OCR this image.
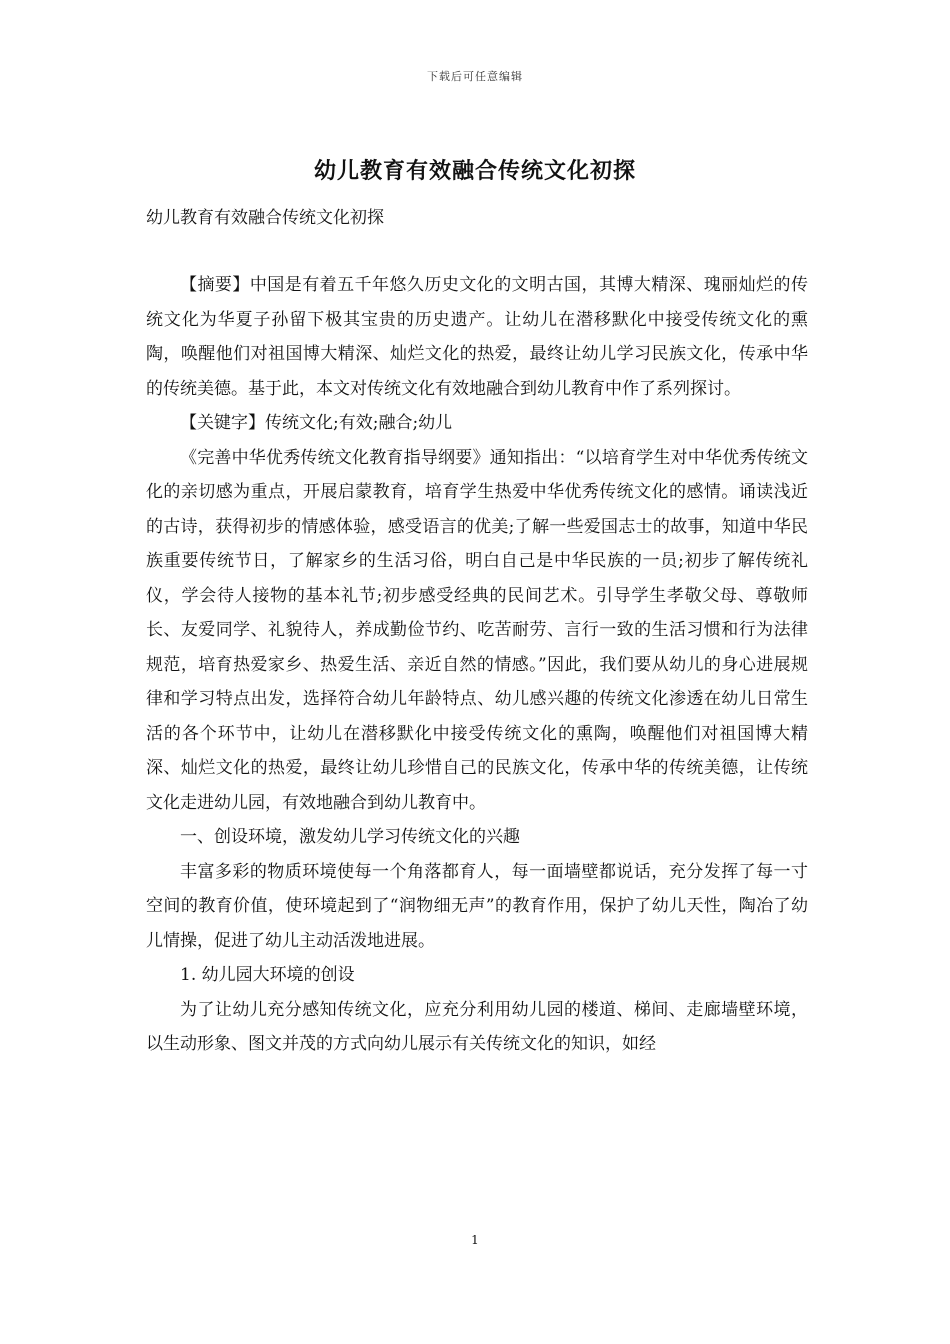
下载后可任意编辑
幼儿教育有效融合传统文化初探
幼儿教育有效融合传统文化初探

【摘要】中国是有着五千年悠久历史文化的文明古国，其博大精深、瑰丽灿烂的传统文化为华夏子孙留下极其宝贵的历史遗产。让幼儿在潜移默化中接受传统文化的熏陶，唤醒他们对祖国博大精深、灿烂文化的热爱，最终让幼儿学习民族文化，传承中华的传统美德。基于此，本文对传统文化有效地融合到幼儿教育中作了系列探讨。

【关键字】传统文化;有效;融合;幼儿

《完善中华优秀传统文化教育指导纲要》通知指出：“以培育学生对中华优秀传统文化的亲切感为重点，开展启蒙教育，培育学生热爱中华优秀传统文化的感情。诵读浅近的古诗，获得初步的情感体验，感受语言的优美;了解一些爱国志士的故事，知道中华民族重要传统节日，了解家乡的生活习俗，明白自己是中华民族的一员;初步了解传统礼仪，学会待人接物的基本礼节;初步感受经典的民间艺术。引导学生孝敬父母、尊敬师长、友爱同学、礼貌待人，养成勤俭节约、吃苦耐劳、言行一致的生活习惯和行为法律规范，培育热爱家乡、热爱生活、亲近自然的情感。”因此，我们要从幼儿的身心进展规律和学习特点出发，选择符合幼儿年龄特点、幼儿感兴趣的传统文化渗透在幼儿日常生活的各个环节中，让幼儿在潜移默化中接受传统文化的熏陶，唤醒他们对祖国博大精深、灿烂文化的热爱，最终让幼儿珍惜自己的民族文化，传承中华的传统美德，让传统文化走进幼儿园，有效地融合到幼儿教育中。

一、创设环境，激发幼儿学习传统文化的兴趣

丰富多彩的物质环境使每一个角落都育人，每一面墙壁都说话，充分发挥了每一寸空间的教育价值，使环境起到了“润物细无声”的教育作用，保护了幼儿天性，陶冶了幼儿情操，促进了幼儿主动活泼地进展。

1. 幼儿园大环境的创设

为了让幼儿充分感知传统文化，应充分利用幼儿园的楼道、梯间、走廊墙壁环境，以生动形象、图文并茂的方式向幼儿展示有关传统文化的知识，如经

1
